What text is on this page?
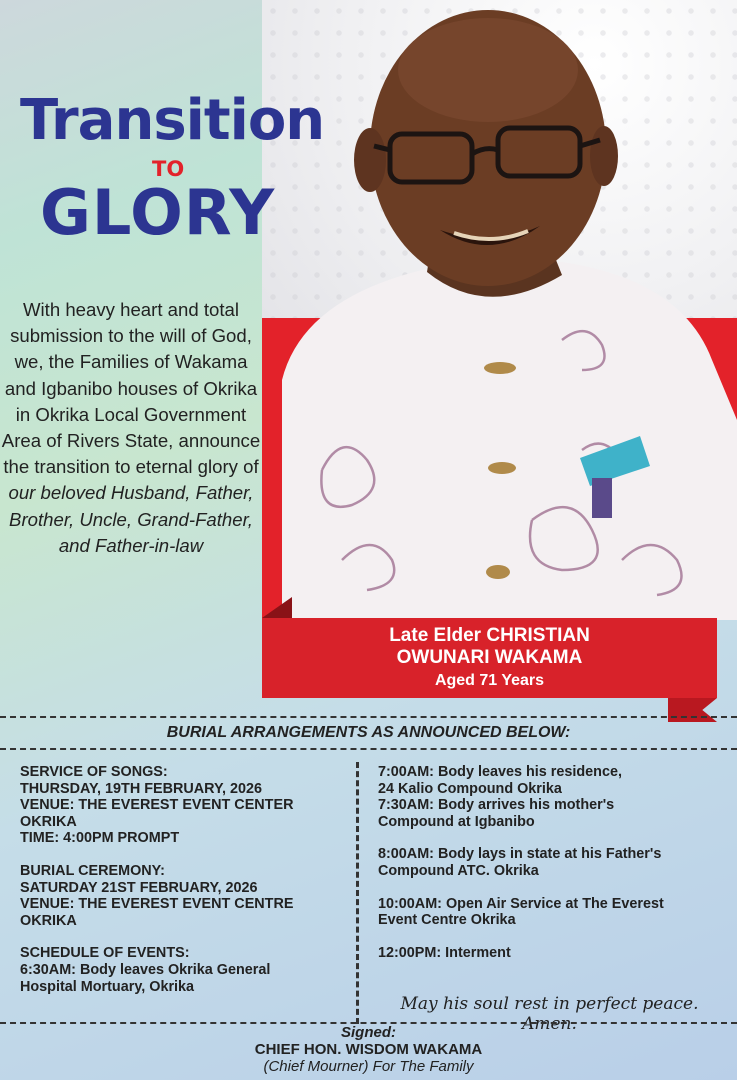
Transition
TO
GLORY
With heavy heart and total submission to the will of God, we, the Families of Wakama and Igbanibo houses of Okrika in Okrika Local Government Area of Rivers State, announce the transition to eternal glory of our beloved Husband, Father, Brother, Uncle, Grand-Father, and Father-in-law
Late Elder CHRISTIAN
OWUNARI WAKAMA
Aged 71 Years
BURIAL ARRANGEMENTS AS ANNOUNCED BELOW:
SERVICE OF SONGS:
THURSDAY, 19TH FEBRUARY, 2026
VENUE: THE EVEREST EVENT CENTER
OKRIKA
TIME: 4:00PM PROMPT
BURIAL CEREMONY:
SATURDAY 21ST FEBRUARY, 2026
VENUE: THE EVEREST EVENT CENTRE
OKRIKA
SCHEDULE OF EVENTS:
6:30AM: Body leaves Okrika General
Hospital Mortuary, Okrika
7:00AM: Body leaves his residence,
24 Kalio Compound Okrika
7:30AM: Body arrives his mother's
Compound at Igbanibo
8:00AM: Body lays in state at his Father's
Compound ATC. Okrika
10:00AM: Open Air Service at The Everest
Event Centre Okrika
12:00PM: Interment
May his soul rest in perfect peace. Amen.
Signed:
CHIEF HON. WISDOM WAKAMA
(Chief Mourner) For The Family
